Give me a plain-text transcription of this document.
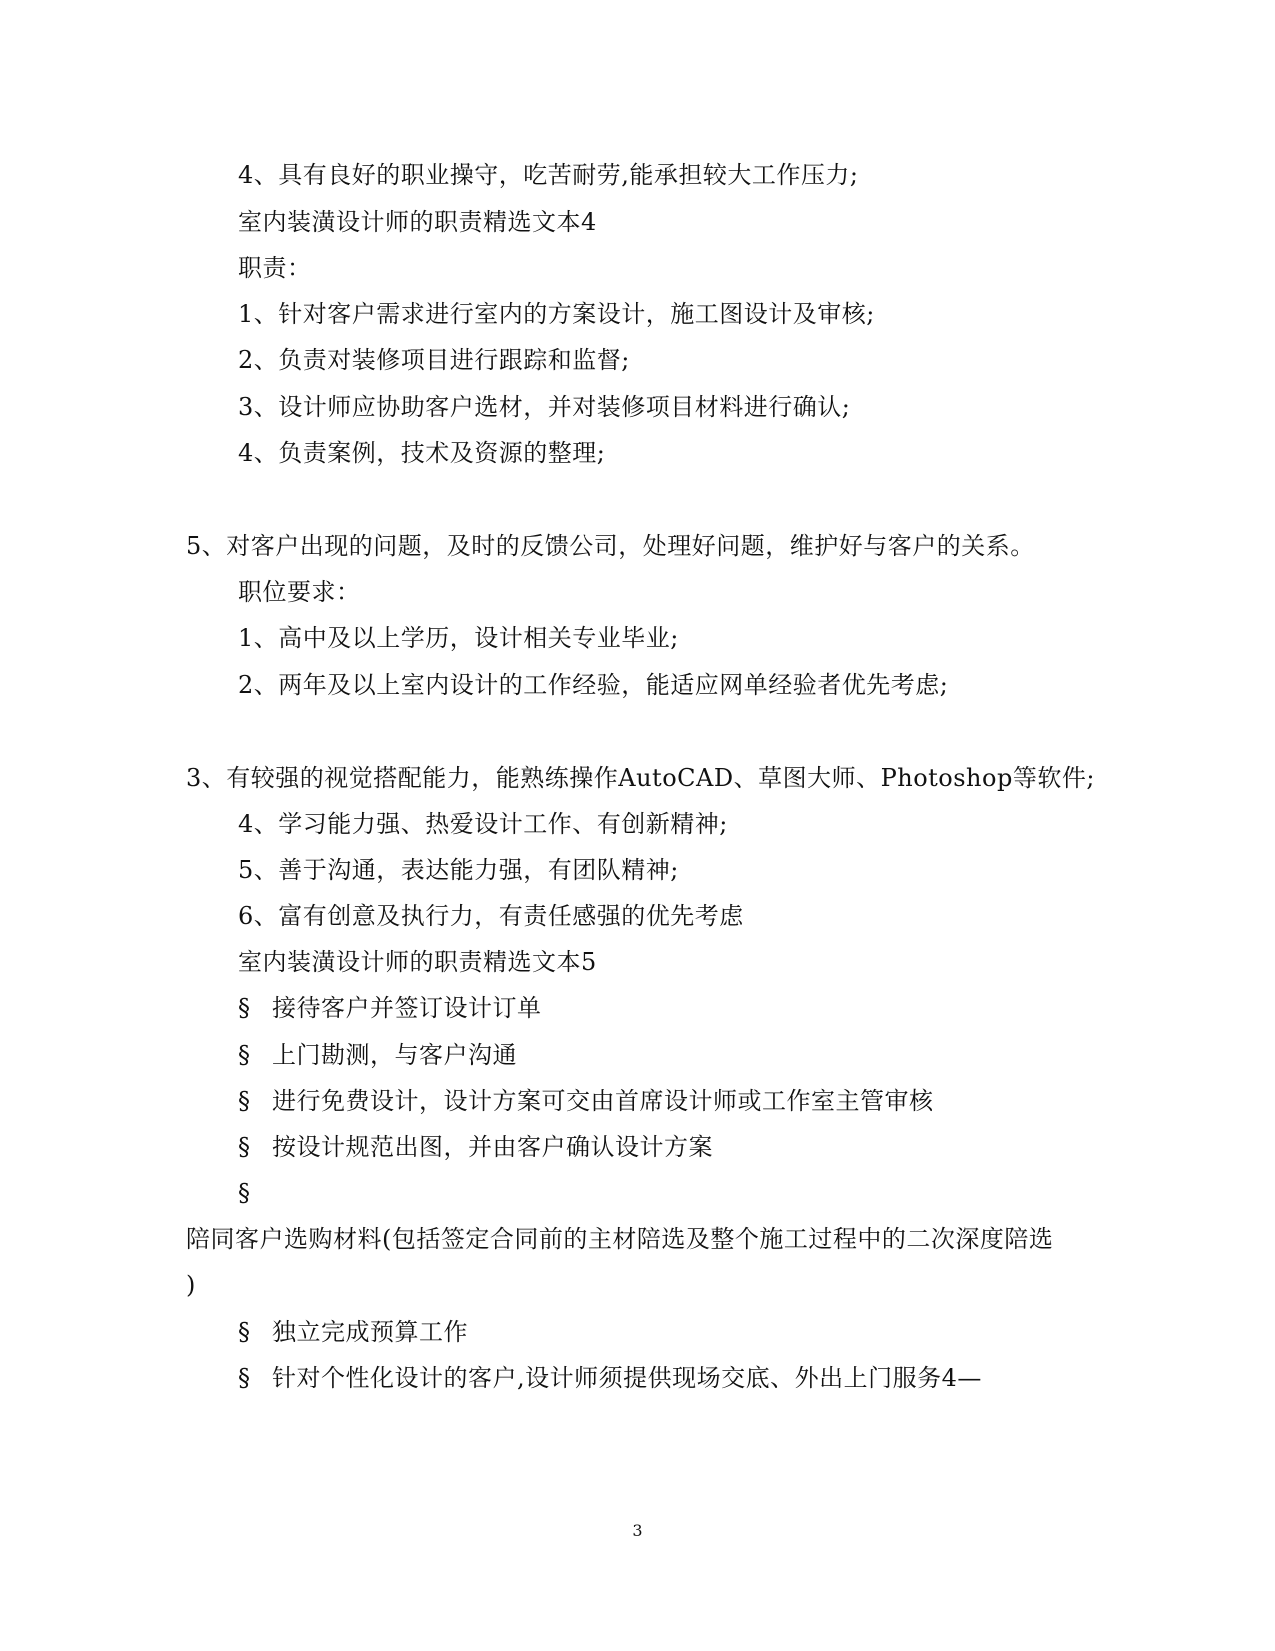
4、具有良好的职业操守，吃苦耐劳,能承担较大工作压力;
室内装潢设计师的职责精选文本4
职责：
1、针对客户需求进行室内的方案设计，施工图设计及审核;
2、负责对装修项目进行跟踪和监督;
3、设计师应协助客户选材，并对装修项目材料进行确认;
4、负责案例，技术及资源的整理;
5、对客户出现的问题，及时的反馈公司，处理好问题，维护好与客户的关系。
职位要求：
1、高中及以上学历，设计相关专业毕业;
2、两年及以上室内设计的工作经验，能适应网单经验者优先考虑;
3、有较强的视觉搭配能力，能熟练操作AutoCAD、草图大师、Photoshop等软件;
4、学习能力强、热爱设计工作、有创新精神;
5、善于沟通，表达能力强，有团队精神;
6、富有创意及执行力，有责任感强的优先考虑
室内装潢设计师的职责精选文本5
§ 接待客户并签订设计订单
§ 上门勘测，与客户沟通
§ 进行免费设计，设计方案可交由首席设计师或工作室主管审核
§ 按设计规范出图，并由客户确认设计方案
§
陪同客户选购材料(包括签定合同前的主材陪选及整个施工过程中的二次深度陪选
)
§ 独立完成预算工作
§ 针对个性化设计的客户,设计师须提供现场交底、外出上门服务4—
3
